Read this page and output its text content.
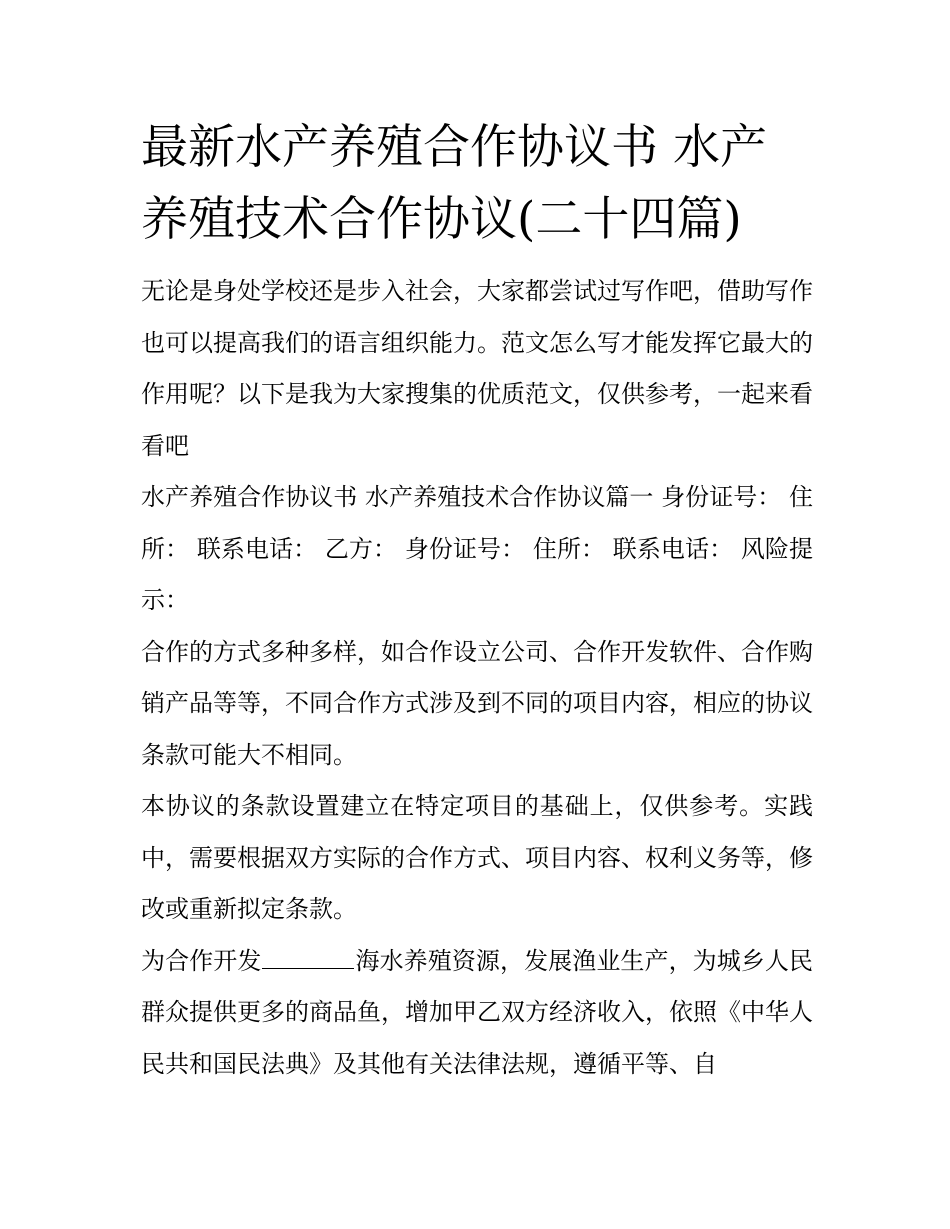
最新水产养殖合作协议书 水产养殖技术合作协议(二十四篇)

无论是身处学校还是步入社会，大家都尝试过写作吧，借助写作也可以提高我们的语言组织能力。范文怎么写才能发挥它最大的作用呢？以下是我为大家搜集的优质范文，仅供参考，一起来看看吧

水产养殖合作协议书 水产养殖技术合作协议篇一 身份证号： 住所： 联系电话： 乙方： 身份证号： 住所： 联系电话： 风险提示：

合作的方式多种多样，如合作设立公司、合作开发软件、合作购销产品等等，不同合作方式涉及到不同的项目内容，相应的协议条款可能大不相同。

本协议的条款设置建立在特定项目的基础上，仅供参考。实践中，需要根据双方实际的合作方式、项目内容、权利义务等，修改或重新拟定条款。

为合作开发	海水养殖资源，发展渔业生产，为城乡人民群众提供更多的商品鱼，增加甲乙双方经济收入，依照《中华人民共和国民法典》及其他有关法律法规，遵循平等、自
